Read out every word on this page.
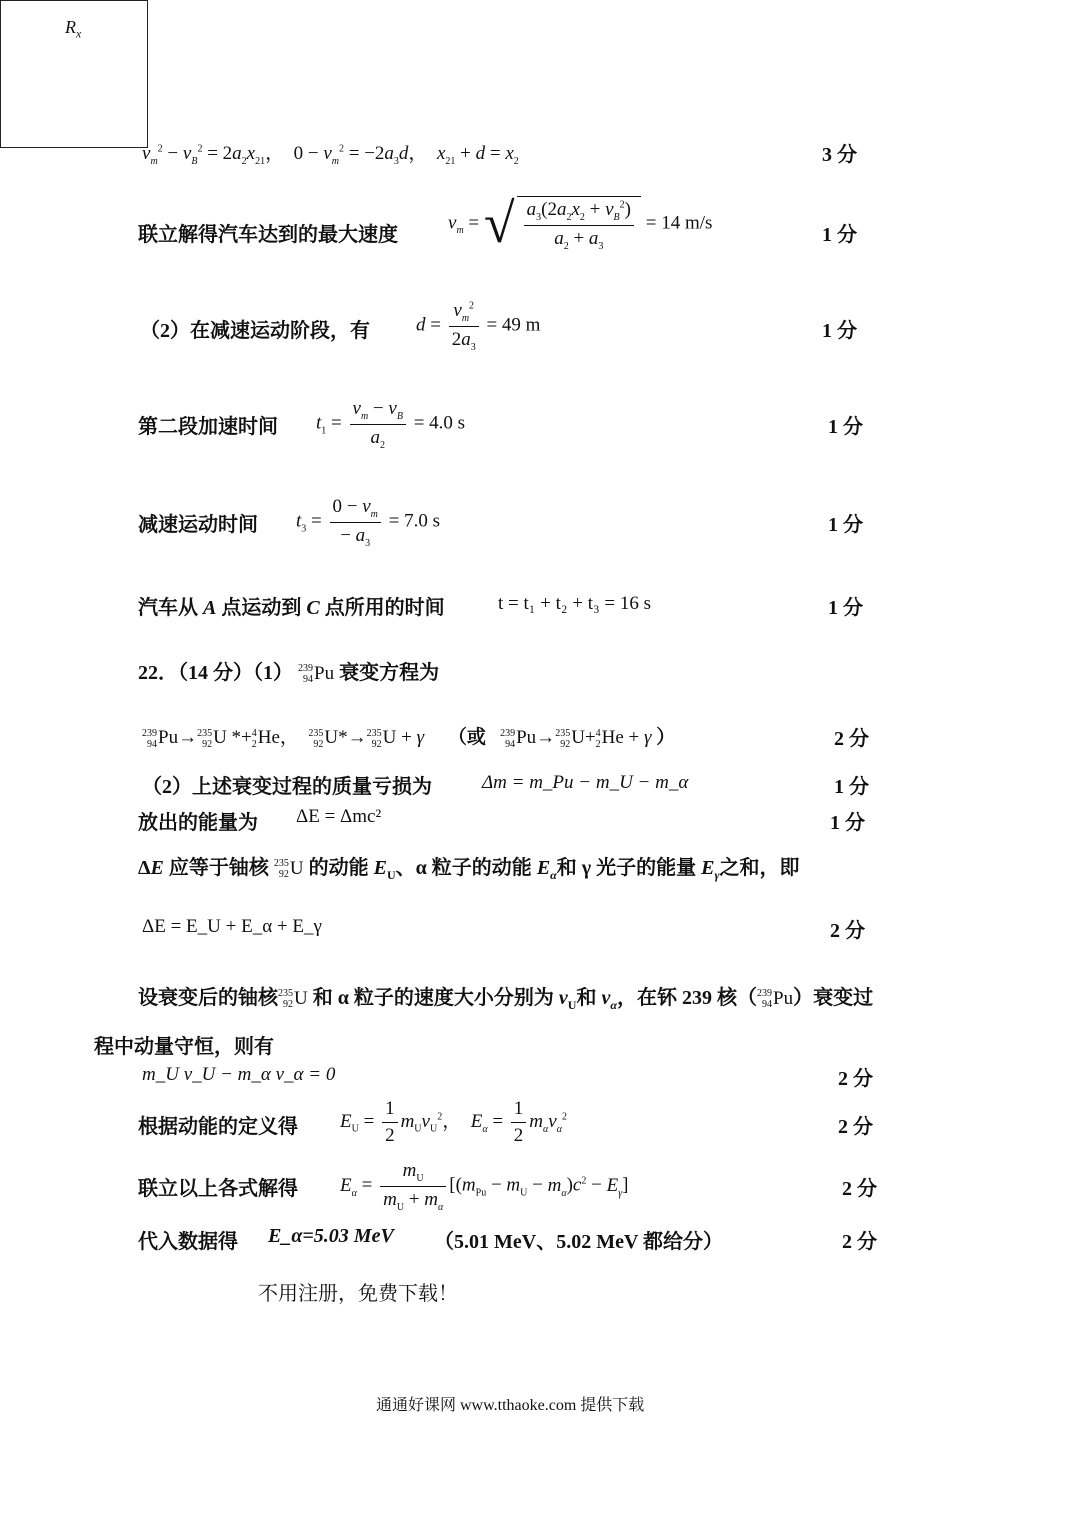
$R_x$
$v_m^2 - v_B^2 = 2a_2x_{21}$，  $0 - v_m^2 = -2a_3d$，  $x_{21} + d = x_2$	3 分
联立解得汽车达到的最大速度
$v_m$ = √ $\frac{a_3(2a_2x_2 + v_B^2)}{a_2 + a_3} = 14$ m/s
1 分
（2）在减速运动阶段，有 $d = \frac{v_m^2}{2a_3} = 49$ m	1 分
第二段加速时间 $t_1 = \frac{v_m - v_B}{a_2} = 4.0$ s	1 分
减速运动时间 $t_3 = \frac{0 - v_m}{- a_3} = 7.0$ s	1 分
汽车从 A 点运动到 C 点所用的时间	t = t₁ + t₂ + t₃ = 16 s	1 分
22．（14 分）（1） 239
94 Pu 衰变方程为
239
94 Pu→ 235
92 U *+ 4
2 He， 235
92 U*→ 235
92 U + γ （或 239
94 Pu→ 235
92 U+ 4
2 He + γ ）	2 分
（2）上述衰变过程的质量亏损为	Δm = m_Pu − m_U − m_α	1 分
放出的能量为 ΔE = Δmc²	1 分
ΔE 应等于铀核 235
92 U 的动能 $E_U$、α 粒子的动能 $E_\alpha$和 γ 光子的能量 $E_\gamma$之和，即
ΔE = E_U + E_α + E_γ	2 分
设衰变后的铀核 235
92 U 和 α 粒子的速度大小分别为 $v_U$和 $v_\alpha$，在钚 239 核（ 239
94 Pu）衰变过
程中动量守恒，则有
m_U v_U − m_α v_α = 0	2 分
根据动能的定义得 $E_U = \frac{1}{2} m_Uv_U^2$，  $E_\alpha = \frac{1}{2} m_\alpha v_\alpha^2$	2 分
联立以上各式解得 $E_\alpha = \frac{m_U}{m_U + m_\alpha} [(m_{Pu} - m_U - m_\alpha)c^2 - E_\gamma]$	2 分
代入数据得 E_α=5.03 MeV （5.01 MeV、5.02 MeV 都给分）	2 分
不用注册，免费下载！
通通好课网 www.tthaoke.com 提供下载
